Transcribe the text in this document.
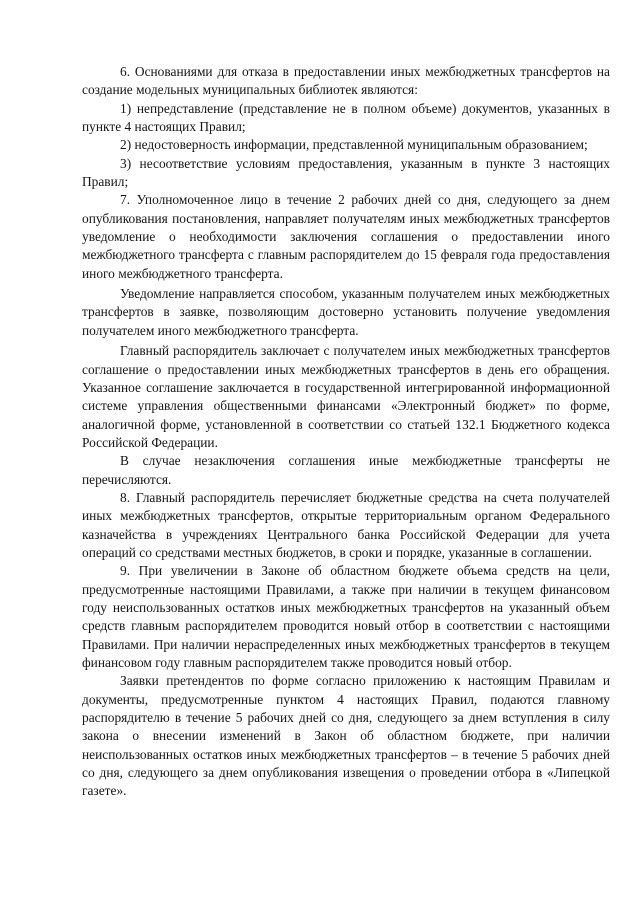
6. Основаниями для отказа в предоставлении иных межбюджетных трансфертов на создание модельных муниципальных библиотек являются:

1) непредставление (представление не в полном объеме) документов, указанных в пункте 4 настоящих Правил;

2) недостоверность информации, представленной муниципальным образованием;

3) несоответствие условиям предоставления, указанным в пункте 3 настоящих Правил;

7. Уполномоченное лицо в течение 2 рабочих дней со дня, следующего за днем опубликования постановления, направляет получателям иных межбюджетных трансфертов уведомление о необходимости заключения соглашения о предоставлении иного межбюджетного трансферта с главным распорядителем до 15 февраля года предоставления иного межбюджетного трансферта.

Уведомление направляется способом, указанным получателем иных межбюджетных трансфертов в заявке, позволяющим достоверно установить получение уведомления получателем иного межбюджетного трансферта.

Главный распорядитель заключает с получателем иных межбюджетных трансфертов соглашение о предоставлении иных межбюджетных трансфертов в день его обращения. Указанное соглашение заключается в государственной интегрированной информационной системе управления общественными финансами «Электронный бюджет» по форме, аналогичной форме, установленной в соответствии со статьей 132.1 Бюджетного кодекса Российской Федерации.

В случае незаключения соглашения иные межбюджетные трансферты не перечисляются.

8. Главный распорядитель перечисляет бюджетные средства на счета получателей иных межбюджетных трансфертов, открытые территориальным органом Федерального казначейства в учреждениях Центрального банка Российской Федерации для учета операций со средствами местных бюджетов, в сроки и порядке, указанные в соглашении.

9. При увеличении в Законе об областном бюджете объема средств на цели, предусмотренные настоящими Правилами, а также при наличии в текущем финансовом году неиспользованных остатков иных межбюджетных трансфертов на указанный объем средств главным распорядителем проводится новый отбор в соответствии с настоящими Правилами. При наличии нераспределенных иных межбюджетных трансфертов в текущем финансовом году главным распорядителем также проводится новый отбор.

Заявки претендентов по форме согласно приложению к настоящим Правилам и документы, предусмотренные пунктом 4 настоящих Правил, подаются главному распорядителю в течение 5 рабочих дней со дня, следующего за днем вступления в силу закона о внесении изменений в Закон об областном бюджете, при наличии неиспользованных остатков иных межбюджетных трансфертов – в течение 5 рабочих дней со дня, следующего за днем опубликования извещения о проведении отбора в «Липецкой газете».
